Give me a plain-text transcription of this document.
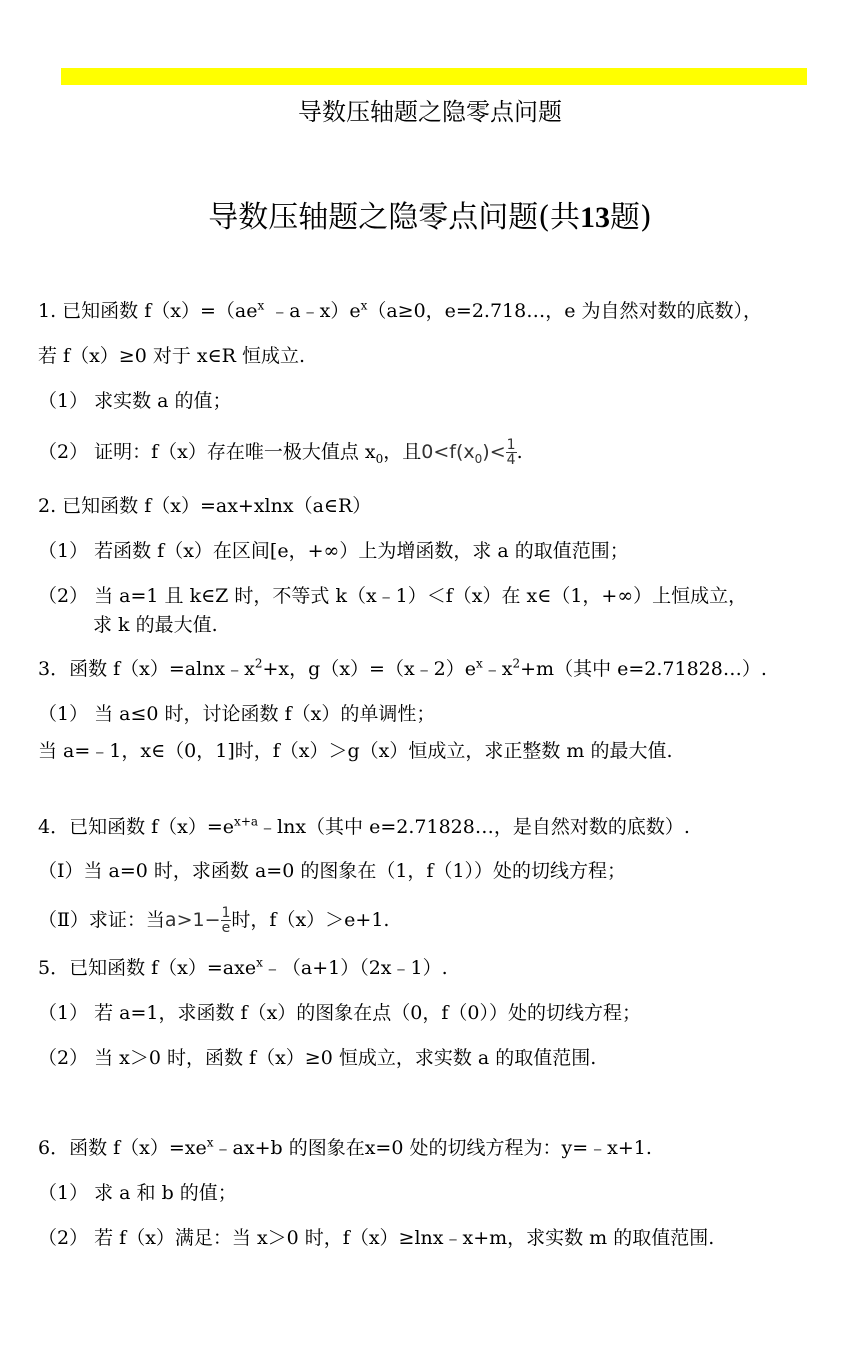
导数压轴题之隐零点问题
导数压轴题之隐零点问题(共13题)
1. 已知函数 $f(x)=(ae^x$ $﹣a﹣x)e^x(a\ge 0$，e=2.718…，e 为自然对数的底数），
若 f（x）≥0 对于 x∈R 恒成立.
（1） 求实数 a 的值；
（2） 证明：f（x）存在唯一极大值点 $x_0$，且$0<f(x_0)< \frac{1}{4}$ .
2. 已知函数 f（x）=ax+xlnx（a∈R）
（1） 若函数 f（x）在区间[e，+∞）上为增函数，求 a 的取值范围；
（2） 当 a=1 且 k∈Z 时，不等式 k（x﹣1）＜f（x）在 x∈（1，+∞）上恒成立，
求 k 的最大值.
3．函数 $f(x)=alnx﹣x^2+x$，$g(x)=(x﹣2)e^x﹣x^2+m$（其中 e=2.71828…）.
（1） 当 a≤0 时，讨论函数 f（x）的单调性；
当 a=﹣1，x∈（0，1]时，f（x）＞g（x）恒成立，求正整数 m 的最大值.
4．已知函数 $f(x)=e^{x+a}﹣\ln x$（其中 e=2.71828…，是自然对数的底数）.
（Ⅰ）当 a=0 时，求函数 a=0 的图象在（1，f（1））处的切线方程；
（Ⅱ）求证：当$a>1- \frac{1}{e}$ 时，f（x）＞e+1.
5．已知函数 f（x）=axe$^x$﹣（a+1）（2x﹣1）.
（1） 若 a=1，求函数 f（x）的图象在点（0，f（0））处的切线方程；
（2） 当 x＞0 时，函数 f（x）≥0 恒成立，求实数 a 的取值范围.
6．函数 $f(x)=xe^x﹣ax+b$ 的图象在x=0 处的切线方程为：y=﹣x+1.
（1） 求 a 和 b 的值；
（2） 若 f（x）满足：当 x＞0 时，f（x）≥lnx﹣x+m，求实数 m 的取值范围.
